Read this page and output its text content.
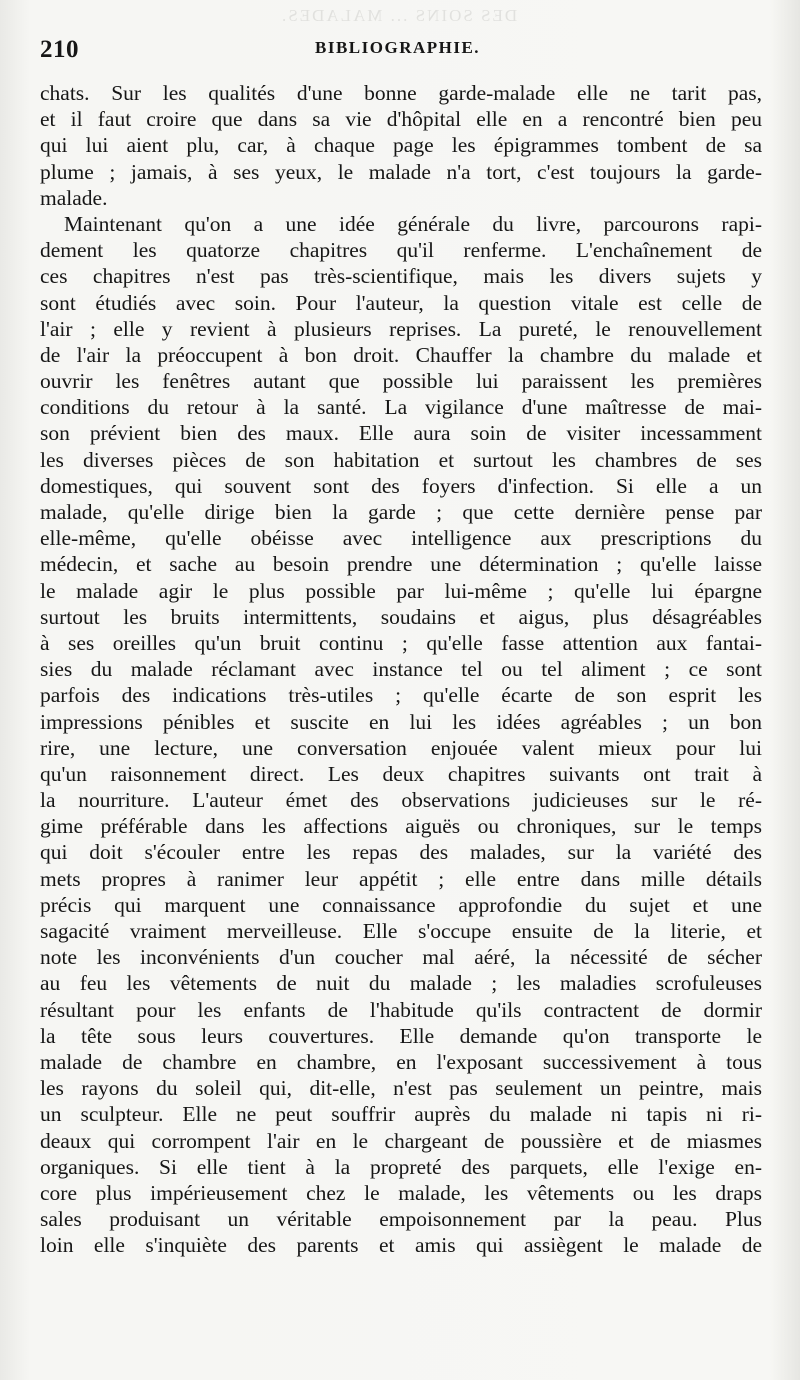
DES SOINS ... MALADES.
210	BIBLIOGRAPHIE.
chats. Sur les qualités d'une bonne garde-malade elle ne tarit pas,
et il faut croire que dans sa vie d'hôpital elle en a rencontré bien peu
qui lui aient plu, car, à chaque page les épigrammes tombent de sa
plume ; jamais, à ses yeux, le malade n'a tort, c'est toujours la garde-
malade.
Maintenant qu'on a une idée générale du livre, parcourons rapi-
dement les quatorze chapitres qu'il renferme. L'enchaînement de
ces chapitres n'est pas très-scientifique, mais les divers sujets y
sont étudiés avec soin. Pour l'auteur, la question vitale est celle de
l'air ; elle y revient à plusieurs reprises. La pureté, le renouvellement
de l'air la préoccupent à bon droit. Chauffer la chambre du malade et
ouvrir les fenêtres autant que possible lui paraissent les premières
conditions du retour à la santé. La vigilance d'une maîtresse de mai-
son prévient bien des maux. Elle aura soin de visiter incessamment
les diverses pièces de son habitation et surtout les chambres de ses
domestiques, qui souvent sont des foyers d'infection. Si elle a un
malade, qu'elle dirige bien la garde ; que cette dernière pense par
elle-même, qu'elle obéisse avec intelligence aux prescriptions du
médecin, et sache au besoin prendre une détermination ; qu'elle laisse
le malade agir le plus possible par lui-même ; qu'elle lui épargne
surtout les bruits intermittents, soudains et aigus, plus désagréables
à ses oreilles qu'un bruit continu ; qu'elle fasse attention aux fantai-
sies du malade réclamant avec instance tel ou tel aliment ; ce sont
parfois des indications très-utiles ; qu'elle écarte de son esprit les
impressions pénibles et suscite en lui les idées agréables ; un bon
rire, une lecture, une conversation enjouée valent mieux pour lui
qu'un raisonnement direct. Les deux chapitres suivants ont trait à
la nourriture. L'auteur émet des observations judicieuses sur le ré-
gime préférable dans les affections aiguës ou chroniques, sur le temps
qui doit s'écouler entre les repas des malades, sur la variété des
mets propres à ranimer leur appétit ; elle entre dans mille détails
précis qui marquent une connaissance approfondie du sujet et une
sagacité vraiment merveilleuse. Elle s'occupe ensuite de la literie, et
note les inconvénients d'un coucher mal aéré, la nécessité de sécher
au feu les vêtements de nuit du malade ; les maladies scrofuleuses
résultant pour les enfants de l'habitude qu'ils contractent de dormir
la tête sous leurs couvertures. Elle demande qu'on transporte le
malade de chambre en chambre, en l'exposant successivement à tous
les rayons du soleil qui, dit-elle, n'est pas seulement un peintre, mais
un sculpteur. Elle ne peut souffrir auprès du malade ni tapis ni ri-
deaux qui corrompent l'air en le chargeant de poussière et de miasmes
organiques. Si elle tient à la propreté des parquets, elle l'exige en-
core plus impérieusement chez le malade, les vêtements ou les draps
sales produisant un véritable empoisonnement par la peau. Plus
loin elle s'inquiète des parents et amis qui assiègent le malade de
